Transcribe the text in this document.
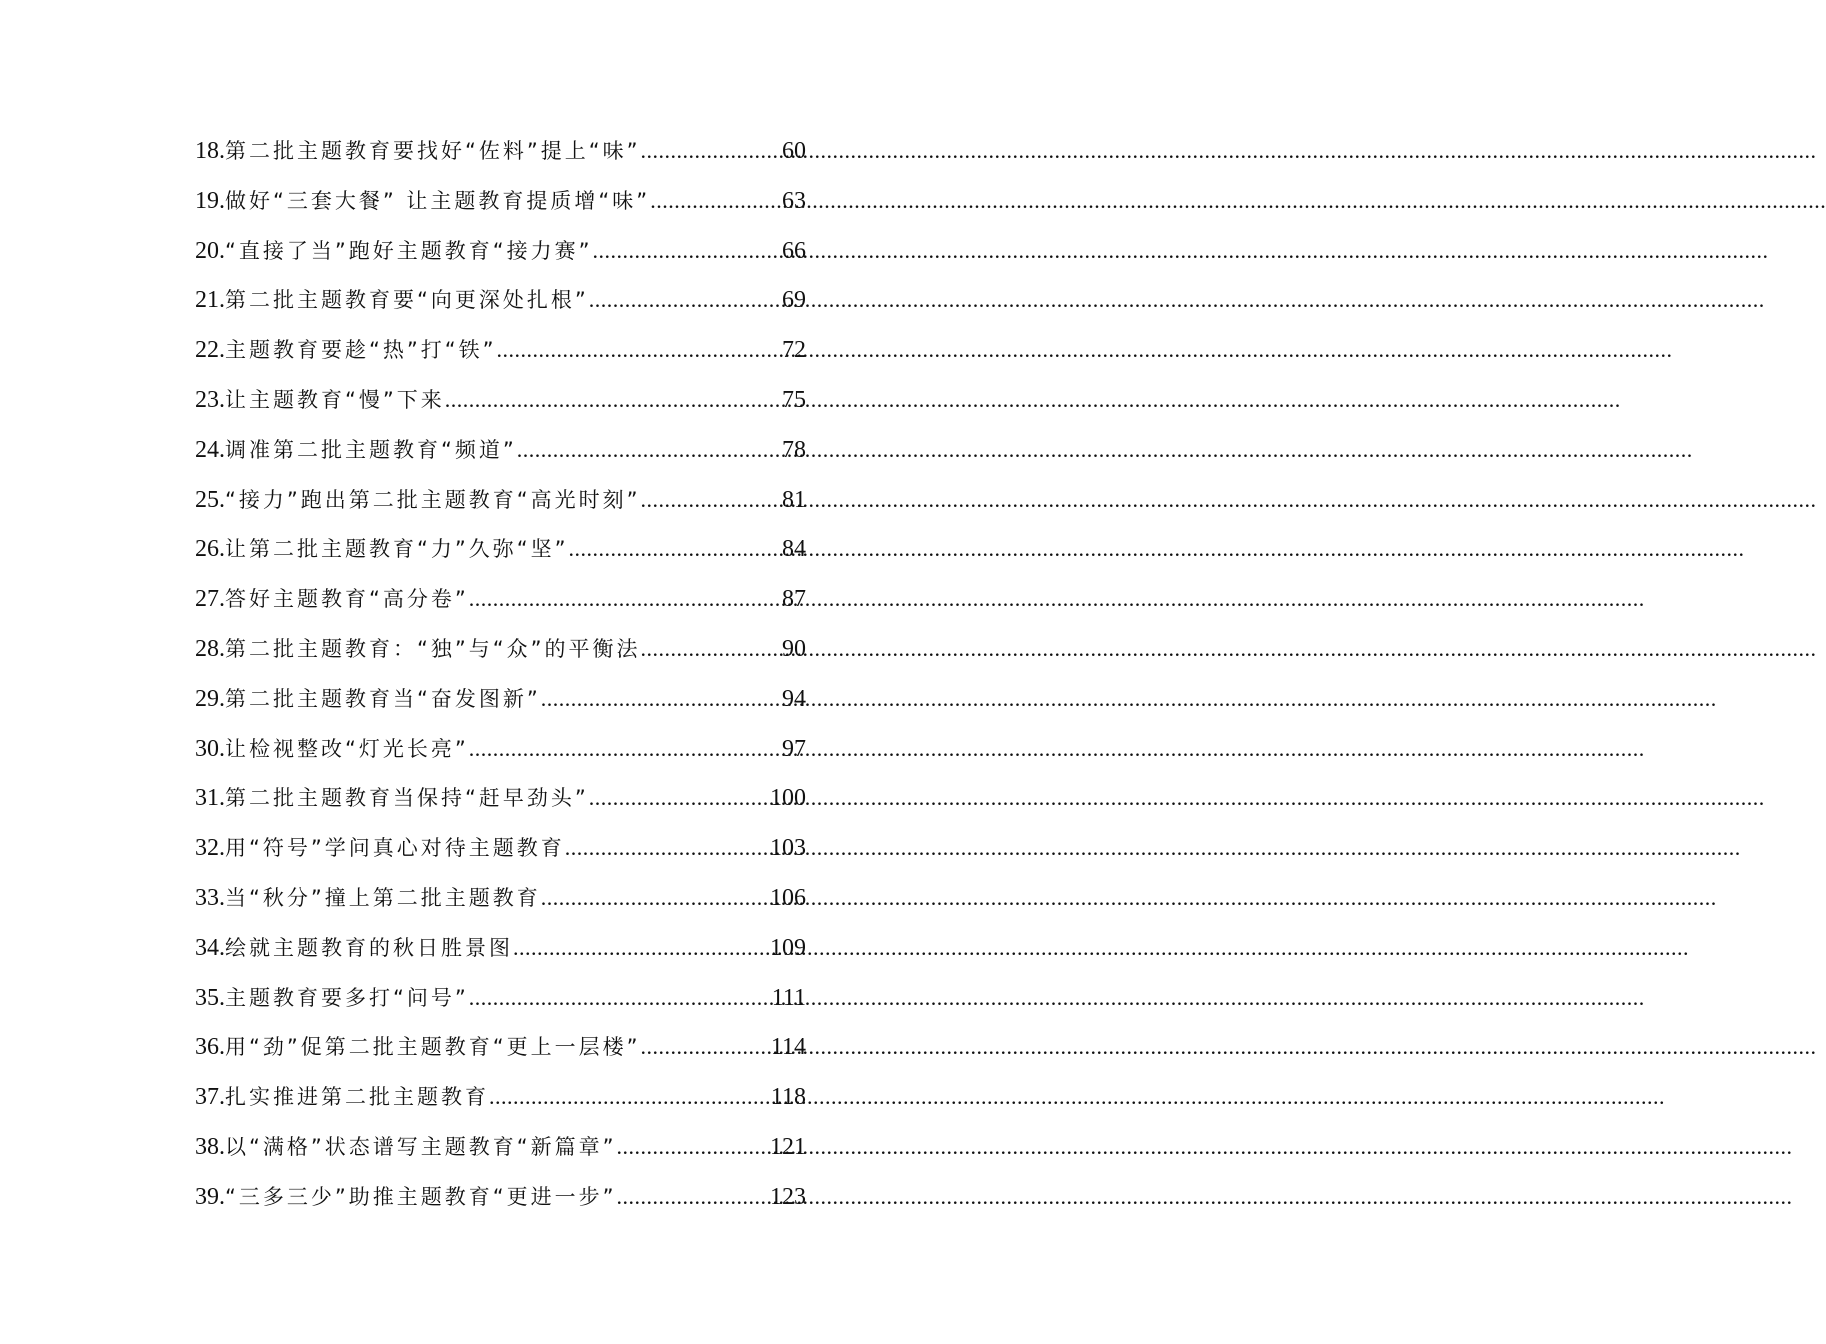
18. 第二批主题教育要找好“佐料”提上“味” .....	60
19. 做好“三套大餐” 让主题教育提质增“味” .....	63
20. “直接了当”跑好主题教育“接力赛” .....	66
21. 第二批主题教育要“向更深处扎根” .....	69
22. 主题教育要趁“热”打“铁” .....	72
23. 让主题教育“慢”下来 .....	75
24. 调准第二批主题教育“频道” .....	78
25. “接力”跑出第二批主题教育“高光时刻” .....	81
26. 让第二批主题教育“力”久弥“坚” .....	84
27. 答好主题教育“高分卷” .....	87
28. 第二批主题教育：“独”与“众”的平衡法 .....	90
29. 第二批主题教育当“奋发图新” .....	94
30. 让检视整改“灯光长亮” .....	97
31. 第二批主题教育当保持“赶早劲头” .....	100
32. 用“符号”学问真心对待主题教育 .....	103
33. 当“秋分”撞上第二批主题教育 .....	106
34. 绘就主题教育的秋日胜景图 .....	109
35. 主题教育要多打“问号” .....	111
36. 用“劲”促第二批主题教育“更上一层楼” .....	114
37. 扎实推进第二批主题教育 .....	118
38. 以“满格”状态谱写主题教育“新篇章” .....	121
39. “三多三少”助推主题教育“更进一步” .....	123
